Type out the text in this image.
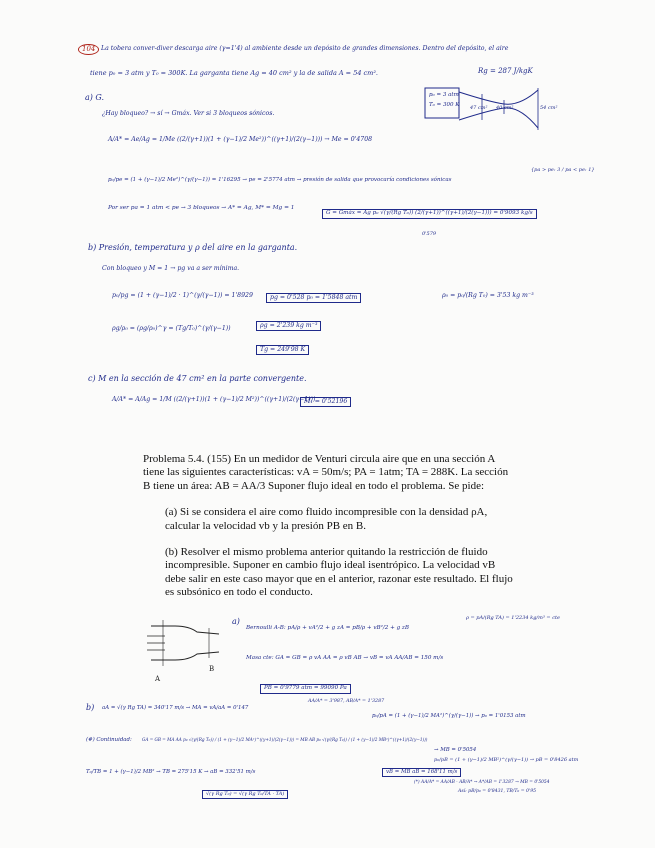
104 La tobera conver-diver descarga aire (γ=1'4) al ambiente desde un depósito de grandes dimensiones. Dentro del depósito, el aire
tiene p₀ = 3 atm y T₀ = 300K. La garganta tiene Ag = 40 cm² y la de salida A = 54 cm².	Rg = 287 J/kgK
p₀ = 3 atm
T₀ = 300 K	40 cm²	54 cm²
47 cm²
a) G.
¿Hay bloqueo? → sí → Gmáx. Ver si 3 bloqueos sónicos.
A/A* = Ae/Ag = 1/Me ((2/(γ+1))(1 + (γ−1)/2 Me²))^((γ+1)/(2(γ−1))) → Me = 0'4708
p₀/pe = (1 + (γ−1)/2 Me²)^(γ/(γ−1)) = 1'16295 → pe = 2'5774 atm → presión de salida que provocaría condiciones sónicas
{pa > pe: 3 / pa < pe: 1}
Por ser pa = 1 atm < pe → 3 bloqueos → A* = Ag, M* = Mg = 1
G = Gmáx = Ag p₀ √(γ/(Rg T₀)) (2/(γ+1))^((γ+1)/(2(γ−1))) = 0'9093 kg/s
0'579
b) Presión, temperatura y ρ del aire en la garganta.
Con bloqueo y M = 1 → pg va a ser mínima.
p₀/pg = (1 + (γ−1)/2 · 1)^(γ/(γ−1)) = 1'8929	pg = 0'528 p₀ = 1'5848 atm	ρ₀ = p₀/(Rg T₀) = 3'53 kg m⁻³
ρg/ρ₀ = (ρg/ρ₀)^γ = (Tg/T₀)^(γ/(γ−1))	ρg = 2'239 kg m⁻³
Tg = 249'98 K
c) M en la sección de 47 cm² en la parte convergente.
A/A* = A/Ag = 1/M ((2/(γ+1))(1 + (γ−1)/2 M²))^((γ+1)/(2(γ−1)))
M₁ = 0'52196

Problema 5.4. (155) En un medidor de Venturi circula aire que en una sección A tiene las siguientes características: vA = 50m/s; PA = 1atm; TA = 288K. La sección B tiene un área: AB = AA/3 Suponer flujo ideal en todo el problema. Se pide:

(a) Si se considera el aire como fluido incompresible con la densidad ρA, calcular la velocidad vb y la presión PB en B.

(b) Resolver el mismo problema anterior quitando la restricción de fluido incompresible. Suponer en cambio flujo ideal isentrópico. La velocidad vB debe salir en este caso mayor que en el anterior, razonar este resultado. El flujo es subsónico en todo el conducto.

A
B
a)
Bernoulli A-B: pA/ρ + vA²/2 + g zA = pB/ρ + vB²/2 + g zB
ρ = pA/(Rg TA) = 1'2234 kg/m³ = cte
Masa cte: GA = GB = ρ vA AA = ρ vB AB → vB = vA AA/AB = 150 m/s
PB = 0'9779 atm = 99090 Pa
b) aA = √(γ Rg TA) = 340'17 m/s → MA = vA/aA = 0'147
AA/A* = 3'987, AB/A* = 1'3287
p₀/pA = (1 + (γ−1)/2 MA²)^(γ/(γ−1)) → p₀ = 1'0153 atm
(#) Continuidad: GA = GB = MA AA p₀ √(γ/(Rg T₀)) / (1 + (γ−1)/2 MA²)^((γ+1)/(2(γ−1))) = MB AB p₀ √(γ/(Rg T₀)) / (1 + (γ−1)/2 MB²)^((γ+1)/(2(γ−1)))
→ MB = 0'5054
p₀/pB = (1 + (γ−1)/2 MB²)^(γ/(γ−1)) → pB = 0'8426 atm
T₀/TB = 1 + (γ−1)/2 MB² → TB = 275'15 K → aB = 332'51 m/s	vB = MB aB = 168'11 m/s
(*) AA/A* = AA/AB · AB/A* → A*/AB = 1'3287 → MB = 0'5054
Así: pB/p₀ = 0'8431, TB/T₀ = 0'95
√(γ Rg T₀) = √(γ Rg T₀/TA · TA)
